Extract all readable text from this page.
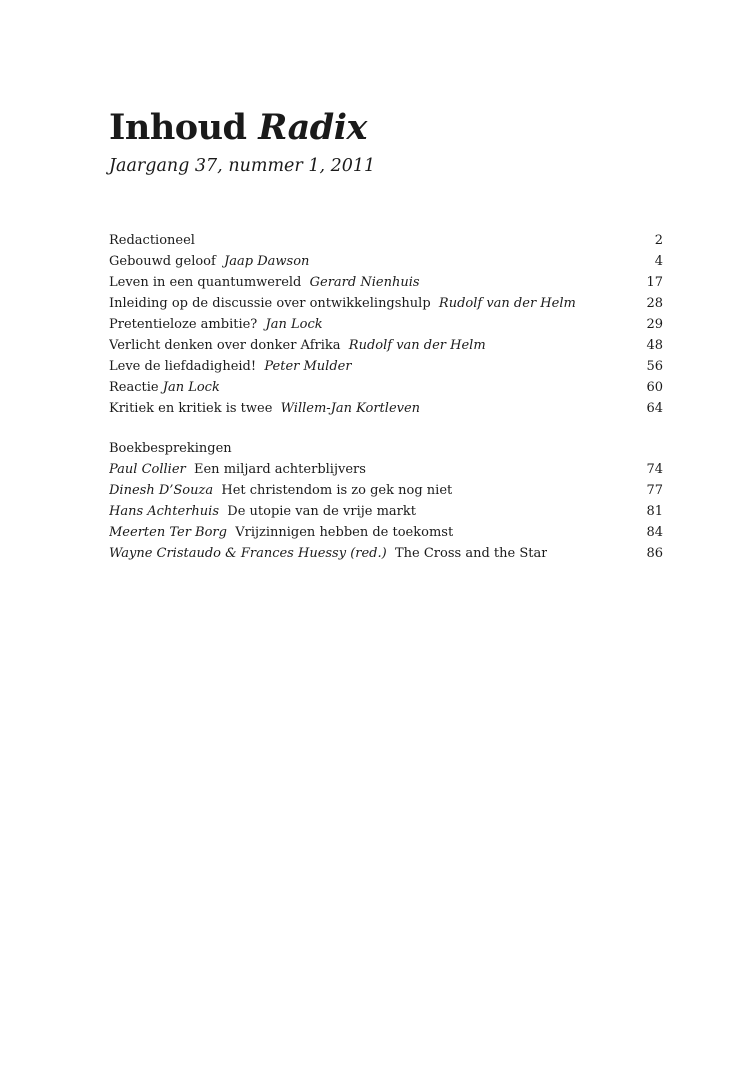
Inhoud Radix

Jaargang 37, nummer 1, 2011

Redactioneel	2
Gebouwd geloof Jaap Dawson	4
Leven in een quantumwereld Gerard Nienhuis	17
Inleiding op de discussie over ontwikkelingshulp Rudolf van der Helm	28
Pretentieloze ambitie? Jan Lock	29
Verlicht denken over donker Afrika Rudolf van der Helm	48
Leve de liefdadigheid! Peter Mulder	56
Reactie Jan Lock	60
Kritiek en kritiek is twee Willem-Jan Kortleven	64
Boekbesprekingen
Paul Collier Een miljard achterblijvers	74
Dinesh D’Souza Het christendom is zo gek nog niet	77
Hans Achterhuis De utopie van de vrije markt	81
Meerten Ter Borg Vrijzinnigen hebben de toekomst	84
Wayne Cristaudo & Frances Huessy (red.) The Cross and the Star	86
